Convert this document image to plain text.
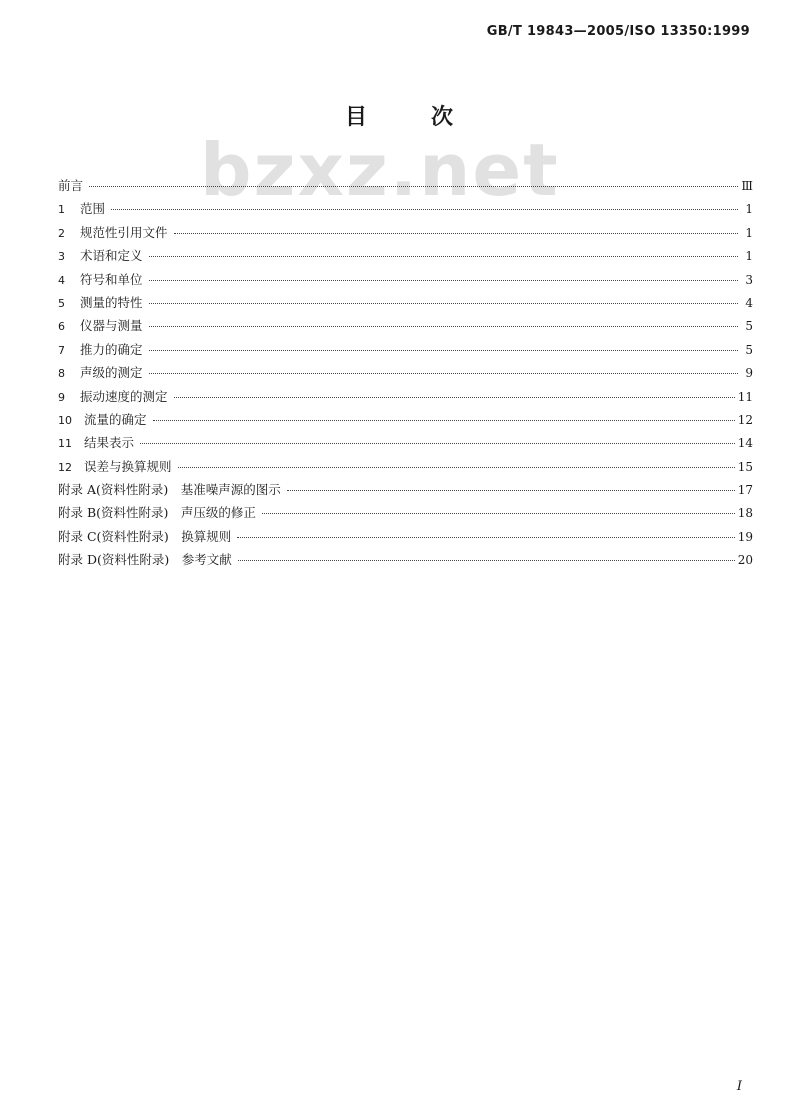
GB/T 19843—2005/ISO 13350:1999
bzxz.net
目	次
前言	Ⅲ
1	范围	1
2	规范性引用文件	1
3	术语和定义	1
4	符号和单位	3
5	测量的特性	4
6	仪器与测量	5
7	推力的确定	5
8	声级的测定	9
9	振动速度的测定	11
10 流量的确定	12
11 结果表示	14
12 误差与换算规则	15
附录 A(资料性附录)　基准噪声源的图示	17
附录 B(资料性附录)　声压级的修正	18
附录 C(资料性附录)　换算规则	19
附录 D(资料性附录)　参考文献	20
I
